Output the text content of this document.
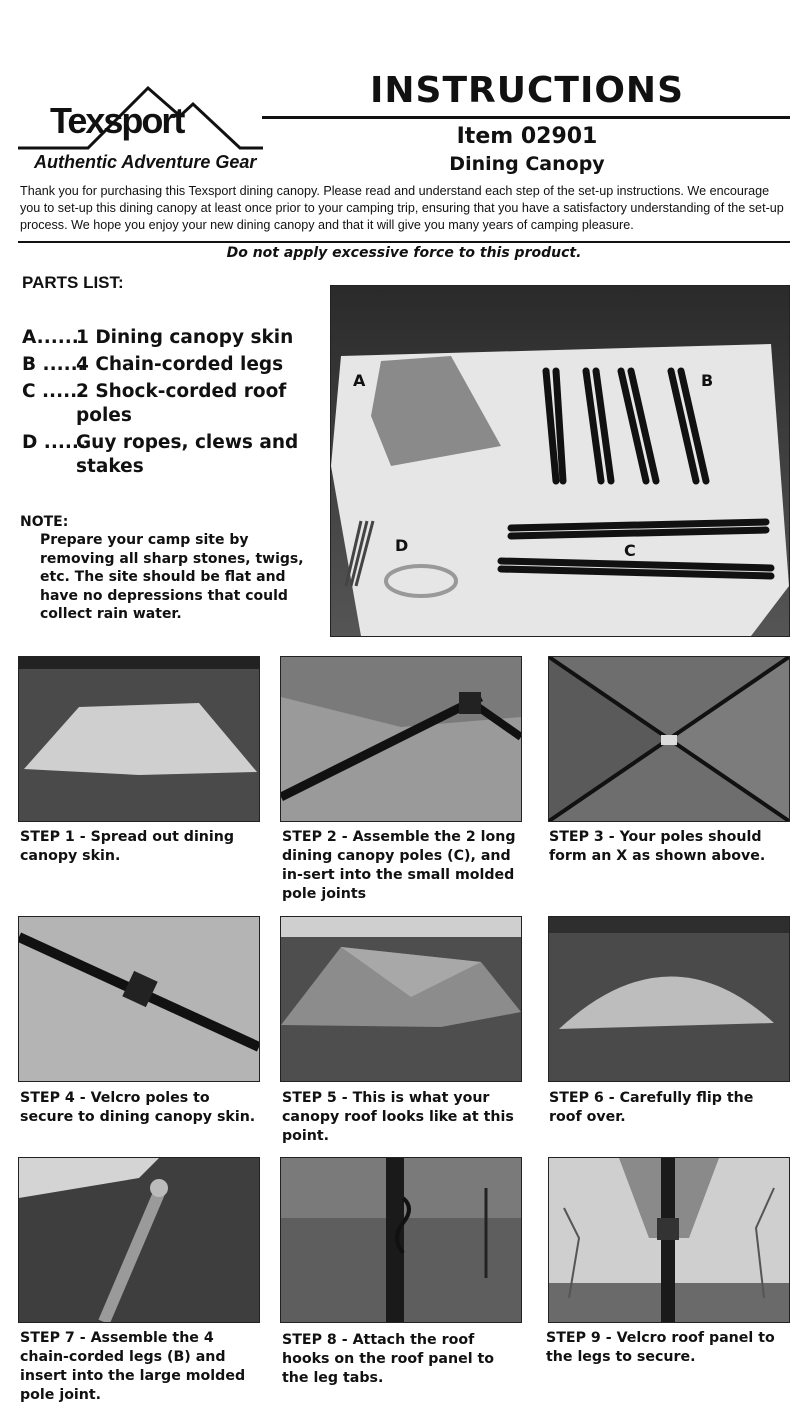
Texsport
Authentic Adventure Gear
INSTRUCTIONS
Item 02901
Dining Canopy
Thank you for purchasing this Texsport dining canopy. Please read and understand each step of the set-up instructions. We encourage you to set-up this dining canopy at least once prior to your camping trip, ensuring that you have a satisfactory understanding of the set-up process. We hope you enjoy your new dining canopy and that it will give you many years of camping pleasure.
Do not apply excessive force to this product.
PARTS LIST:
A......
1 Dining canopy skin
B ......
4 Chain-corded legs
C ......
2 Shock-corded roof poles
D ......
Guy ropes, clews and stakes
NOTE:
Prepare your camp site by removing all sharp stones, twigs, etc. The site should be flat and have no depressions that could collect rain water.
A	B
C
D
STEP 1 - Spread out dining canopy skin.
STEP 2 - Assemble the 2 long dining canopy poles (C), and in-sert into the small molded pole joints
STEP 3 - Your poles should form an X as shown above.
STEP 4 - Velcro poles to secure to dining canopy skin.
STEP 5 - This is what your canopy roof looks like at this point.
STEP 6 - Carefully flip the roof over.
STEP 7 - Assemble the 4 chain-corded legs (B) and insert into the large molded pole joint.
STEP 8 - Attach the roof hooks on the roof panel to the leg tabs.
STEP 9 - Velcro roof panel to the legs to secure.
